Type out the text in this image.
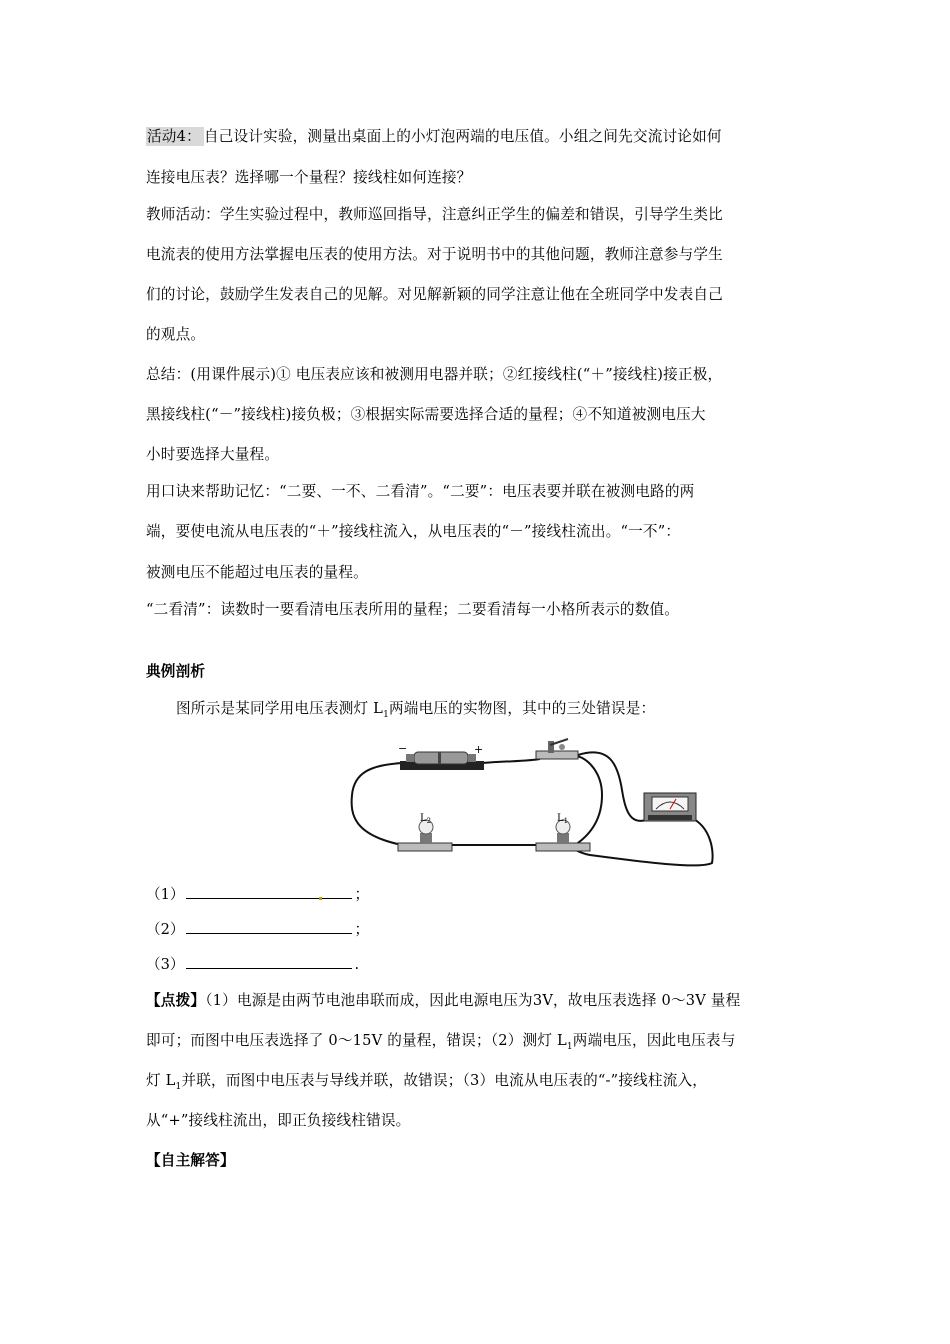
活动4： 自己设计实验，测量出桌面上的小灯泡两端的电压值。小组之间先交流讨论如何
连接电压表？选择哪一个量程？接线柱如何连接？
教师活动：学生实验过程中，教师巡回指导，注意纠正学生的偏差和错误，引导学生类比
电流表的使用方法掌握电压表的使用方法。对于说明书中的其他问题，教师注意参与学生
们的讨论，鼓励学生发表自己的见解。对见解新颖的同学注意让他在全班同学中发表自己
的观点。
总结：(用课件展示)① 电压表应该和被测用电器并联；②红接线柱(“＋”接线柱)接正极，
黑接线柱(“－”接线柱)接负极；③根据实际需要选择合适的量程；④不知道被测电压大
小时要选择大量程。
用口诀来帮助记忆：“二要、一不、二看清”。“二要”：电压表要并联在被测电路的两
端，要使电流从电压表的“＋”接线柱流入，从电压表的“－”接线柱流出。“一不”：
被测电压不能超过电压表的量程。
“二看清”：读数时一要看清电压表所用的量程；二要看清每一小格所表示的数值。
典例剖析
图所示是某同学用电压表测灯 $L_1$两端电压的实物图，其中的三处错误是：
−	+
$L_2$	$L_1$
（1）	；
（2）	；
（3）	.
【点拨】（1）电源是由两节电池串联而成，因此电源电压为3V，故电压表选择 0～3V 量程
即可；而图中电压表选择了 0～15V 的量程，错误；（2）测灯 $L_1$两端电压，因此电压表与
灯 $L_1$并联，而图中电压表与导线并联，故错误；（3）电流从电压表的“-”接线柱流入，
从“+”接线柱流出，即正负接线柱错误。
【自主解答】
